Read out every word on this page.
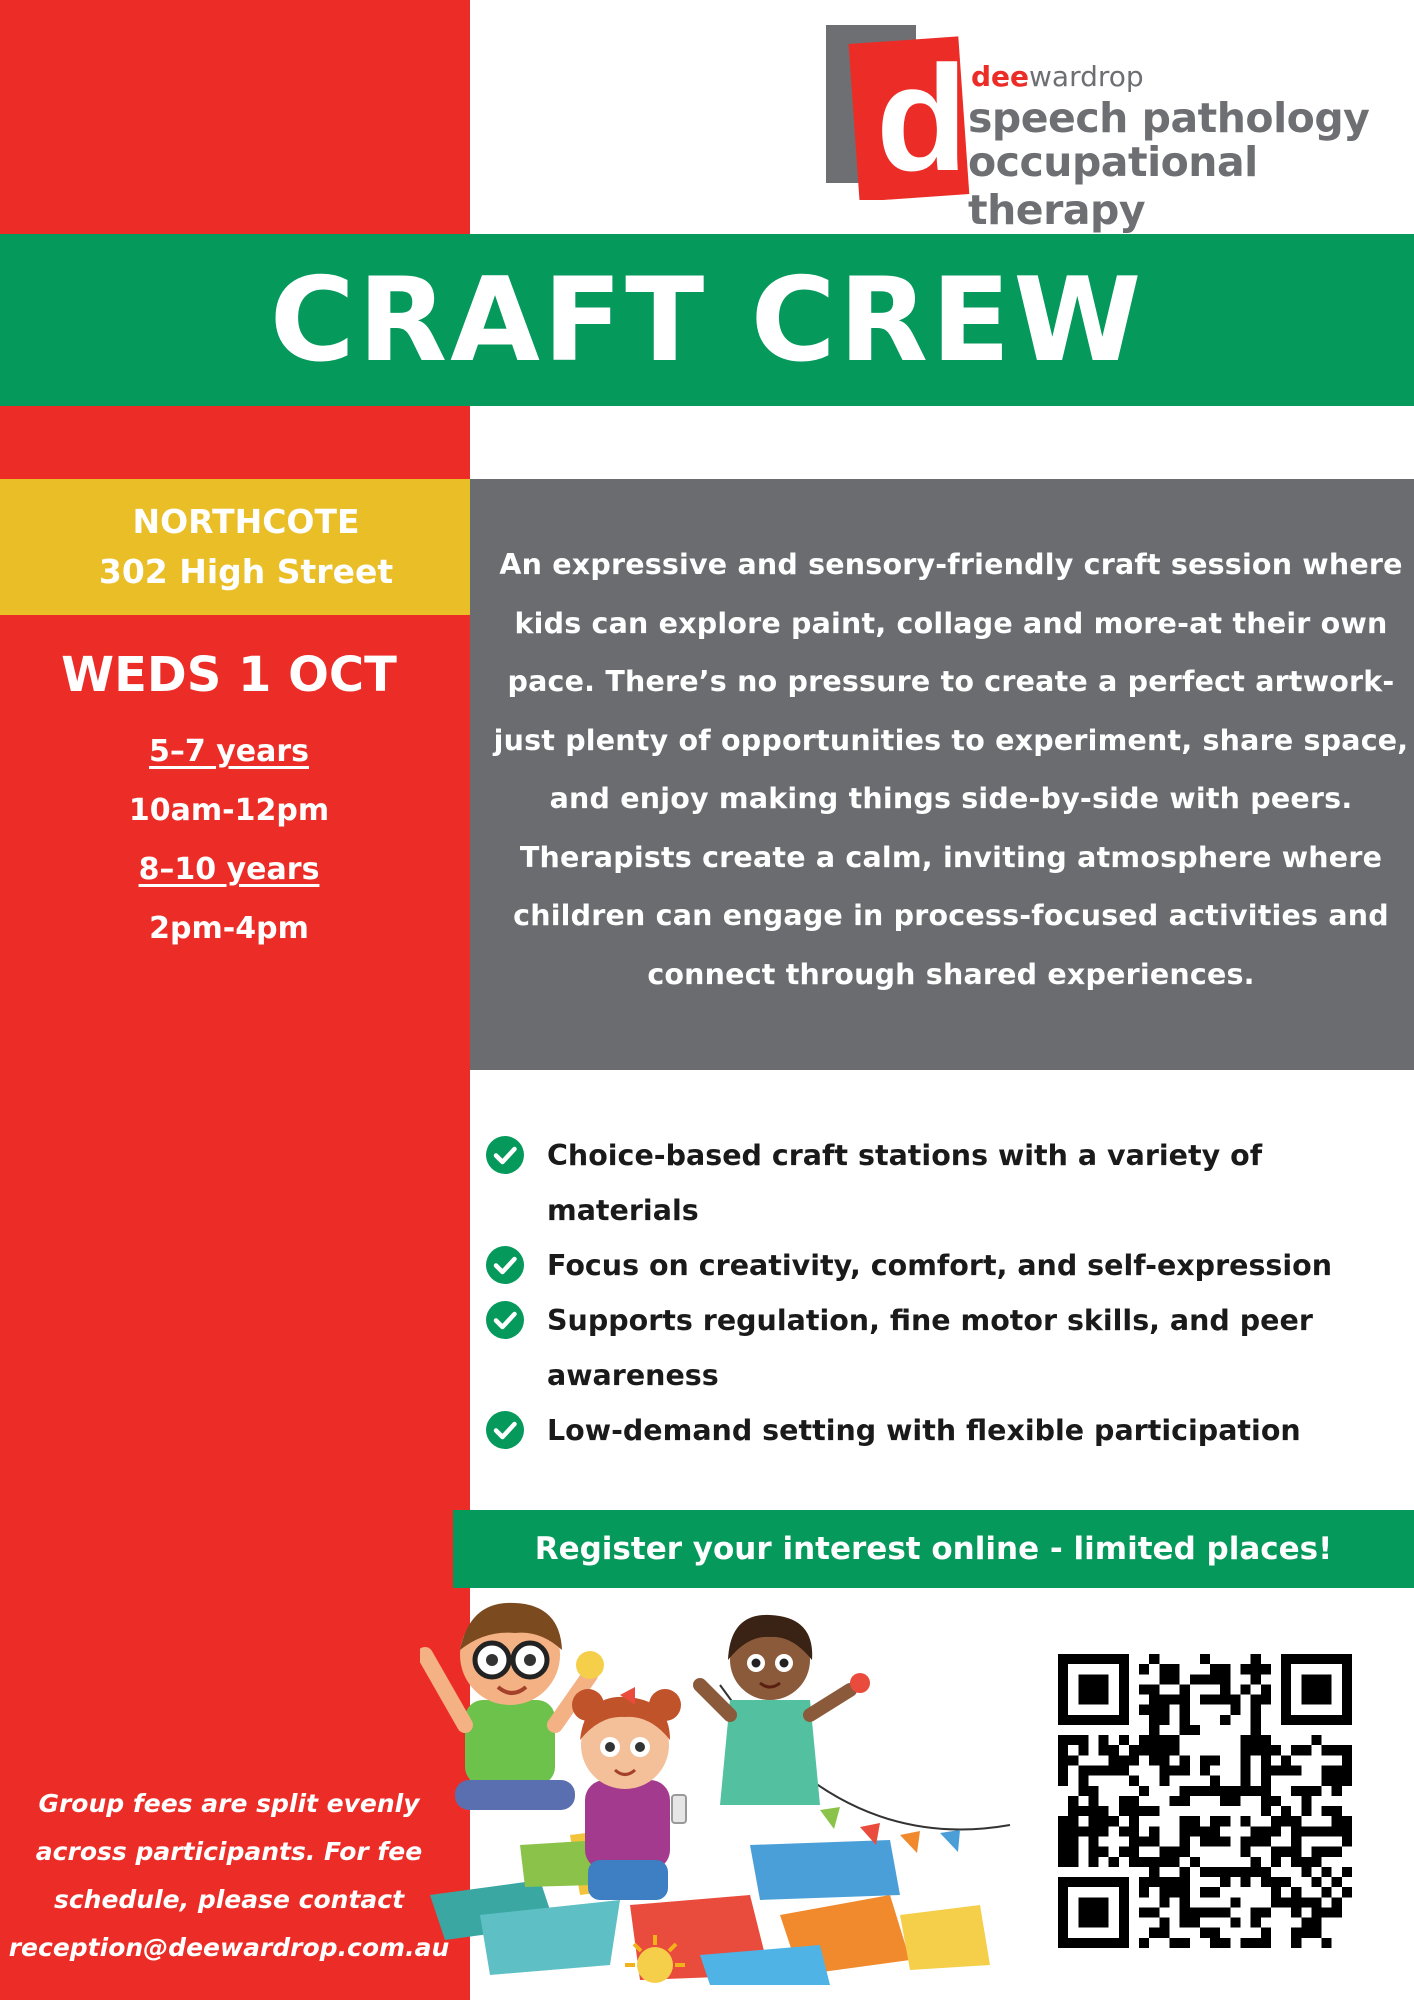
d deewardrop
speech pathology
occupational therapy
CRAFT CREW
NORTHCOTE
302 High Street	An expressive and sensory-friendly craft session where kids can explore paint, collage and more-at their own pace. There’s no pressure to create a perfect artwork- just plenty of opportunities to experiment, share space, and enjoy making things side-by-side with peers. Therapists create a calm, inviting atmosphere where children can engage in process-focused activities and connect through shared experiences.
WEDS 1 OCT
5–7 years
10am-12pm
8–10 years
2pm-4pm
Choice-based craft stations with a variety of materials
Focus on creativity, comfort, and self-expression
Supports regulation, fine motor skills, and peer awareness
Low-demand setting with flexible participation
Register your interest online - limited places!
Group fees are split evenly across participants. For fee schedule, please contact reception@deewardrop.com.au
